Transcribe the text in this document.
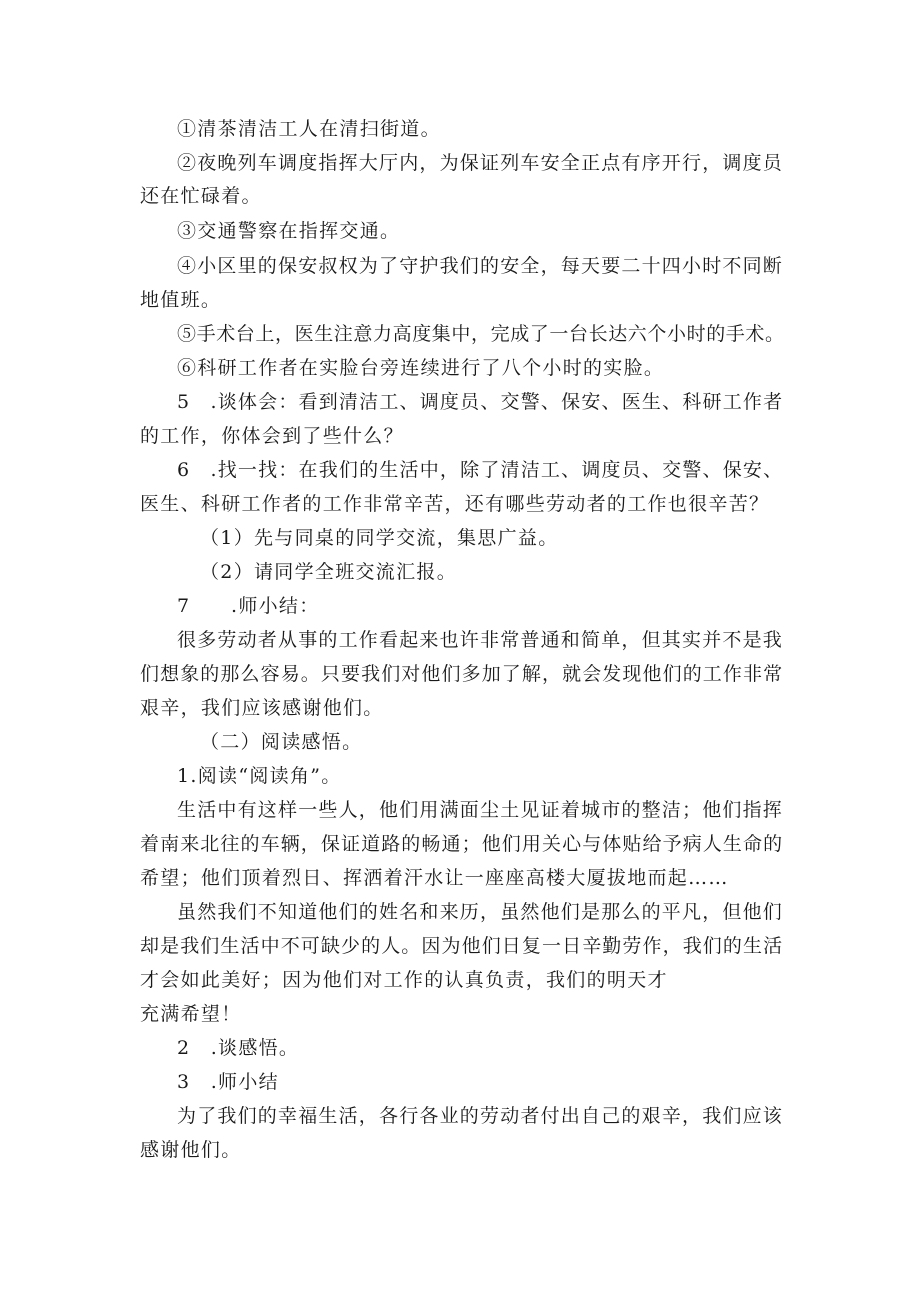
①清茶清洁工人在清扫街道。
②夜晚列车调度指挥大厅内，为保证列车安全正点有序开行，调度员
还在忙碌着。
③交通警察在指挥交通。
④小区里的保安叔权为了守护我们的安全，每天要二十四小时不同断
地值班。
⑤手术台上，医生注意力高度集中，完成了一台长达六个小时的手术。
⑥科研工作者在实脸台旁连续进行了八个小时的实脸。
5　.谈体会：看到清洁工、调度员、交警、保安、医生、科研工作者
的工作，你体会到了些什么？
6　.找一找：在我们的生活中，除了清洁工、调度员、交警、保安、
医生、科研工作者的工作非常辛苦，还有哪些劳动者的工作也很辛苦？
（1）先与同桌的同学交流，集思广益。
（2）请同学全班交流汇报。
7　　.师小结：
很多劳动者从事的工作看起来也许非常普通和简单，但其实并不是我
们想象的那么容易。只要我们对他们多加了解，就会发现他们的工作非常
艰辛，我们应该感谢他们。
（二）阅读感悟。
1.阅读“阅读角”。
生活中有这样一些人，他们用满面尘土见证着城市的整洁；他们指挥
着南来北往的车辆，保证道路的畅通；他们用关心与体贴给予病人生命的
希望；他们顶着烈日、挥洒着汗水让一座座高楼大厦拔地而起……
虽然我们不知道他们的姓名和来历，虽然他们是那么的平凡，但他们
却是我们生活中不可缺少的人。因为他们日复一日辛勤劳作，我们的生活
才会如此美好；因为他们对工作的认真负责，我们的明天才
充满希望！
2　.谈感悟。
3　.师小结
为了我们的幸福生活，各行各业的劳动者付出自己的艰辛，我们应该
感谢他们。
